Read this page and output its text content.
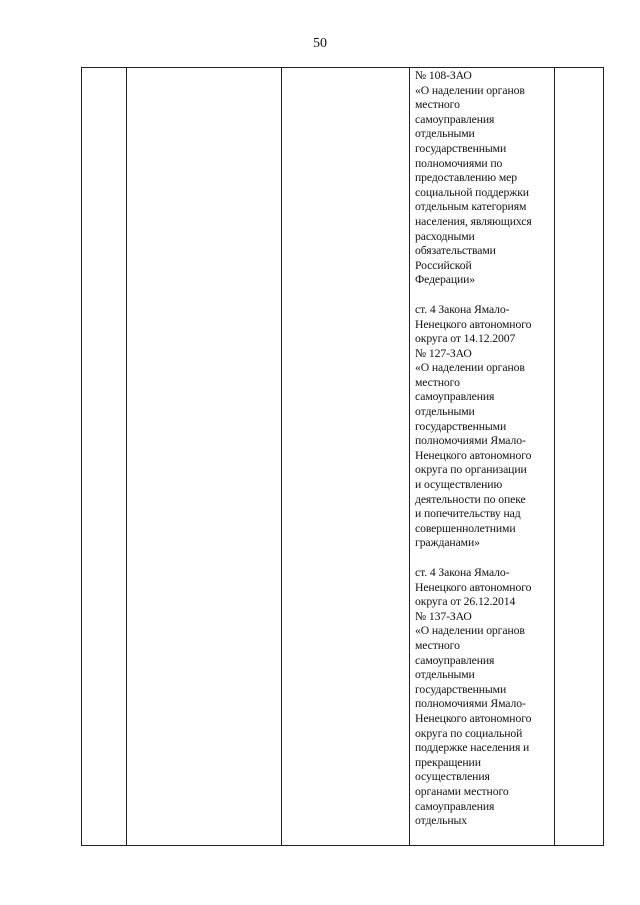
50

№ 108-ЗАО

«О наделении органов

местного

самоуправления

отдельными

государственными

полномочиями по

предоставлению мер

социальной поддержки

отдельным категориям

населения, являющихся

расходными

обязательствами

Российской

Федерации»

ст. 4 Закона Ямало-

Ненецкого автономного

округа от 14.12.2007

№ 127-ЗАО

«О наделении органов

местного

самоуправления

отдельными

государственными

полномочиями Ямало-

Ненецкого автономного

округа по организации

и осуществлению

деятельности по опеке

и попечительству над

совершеннолетними

гражданами»

ст. 4 Закона Ямало-

Ненецкого автономного

округа от 26.12.2014

№ 137-ЗАО

«О наделении органов

местного

самоуправления

отдельными

государственными

полномочиями Ямало-

Ненецкого автономного

округа по социальной

поддержке населения и

прекращении

осуществления

органами местного

самоуправления

отдельных
